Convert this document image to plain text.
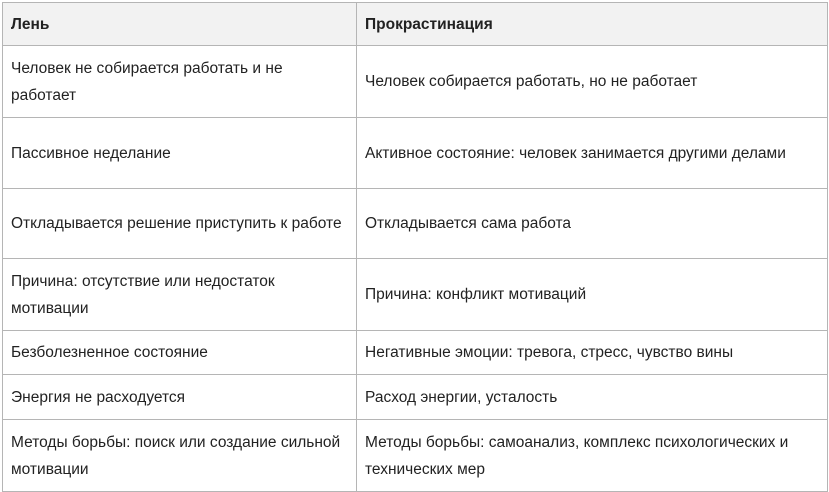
Лень	Прокрастинация
Человек не собирается работать и не работает	Человек собирается работать, но не работает
Пассивное неделание	Активное состояние: человек занимается другими делами
Откладывается решение приступить к работе	Откладывается сама работа
Причина: отсутствие или недостаток мотивации	Причина: конфликт мотиваций
Безболезненное состояние	Негативные эмоции: тревога, стресс, чувство вины
Энергия не расходуется	Расход энергии, усталость
Методы борьбы: поиск или создание сильной мотивации	Методы борьбы: самоанализ, комплекс психологических и технических мер
